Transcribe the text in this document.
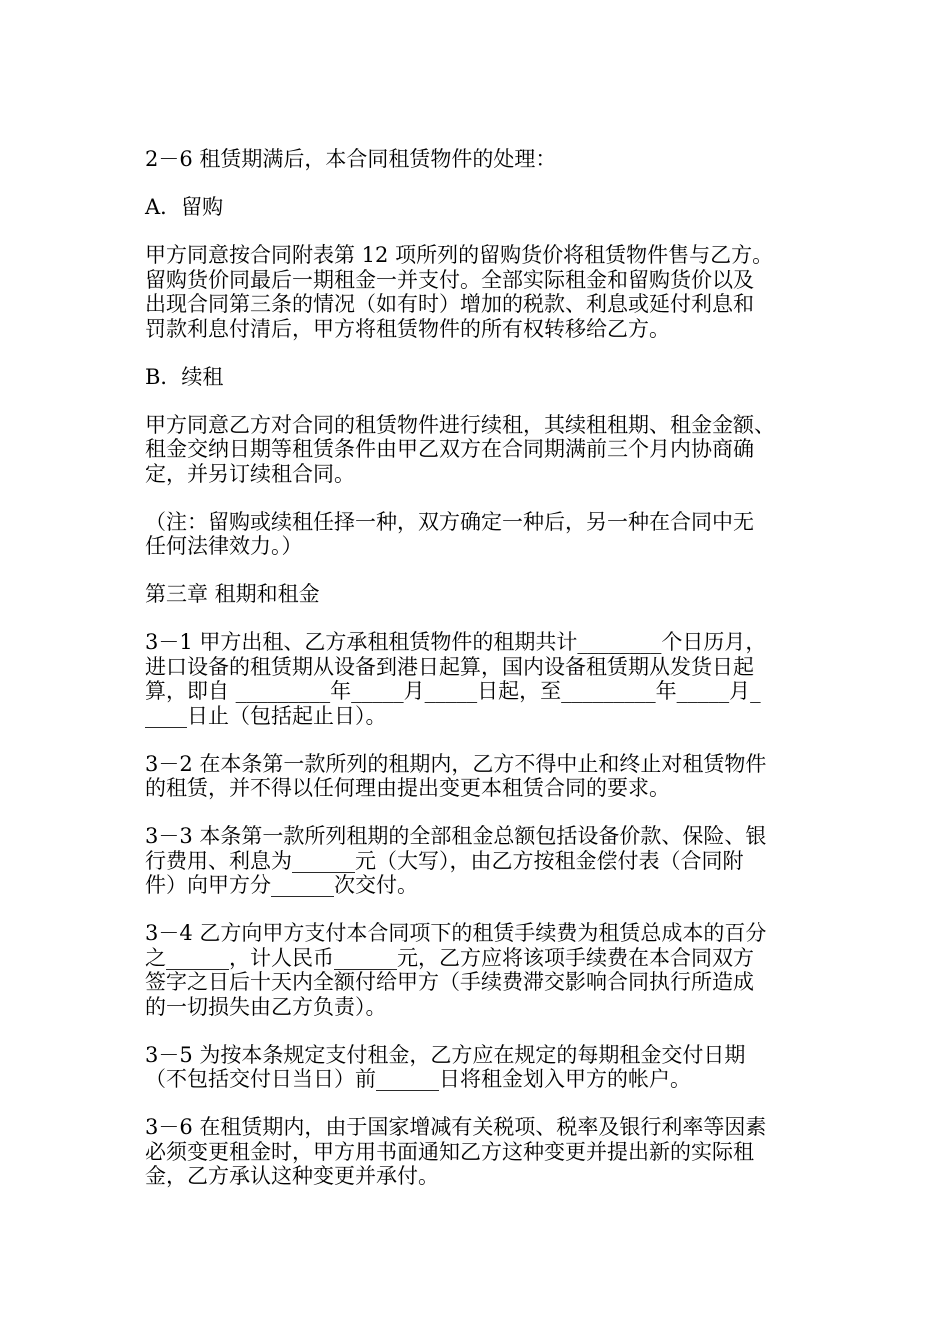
2－6 租赁期满后，本合同租赁物件的处理：
A．留购
甲方同意按合同附表第 12 项所列的留购货价将租赁物件售与乙方。
留购货价同最后一期租金一并支付。全部实际租金和留购货价以及
出现合同第三条的情况（如有时）增加的税款、利息或延付利息和
罚款利息付清后，甲方将租赁物件的所有权转移给乙方。
B．续租
甲方同意乙方对合同的租赁物件进行续租，其续租租期、租金金额、
租金交纳日期等租赁条件由甲乙双方在合同期满前三个月内协商确
定，并另订续租合同。
（注：留购或续租任择一种，双方确定一种后，另一种在合同中无
任何法律效力。）
第三章 租期和租金
3－1 甲方出租、乙方承租租赁物件的租期共计________个日历月，
进口设备的租赁期从设备到港日起算，国内设备租赁期从发货日起
算，即自 _________年_____月_____日起，至_________年_____月_
____日止（包括起止日）。
3－2 在本条第一款所列的租期内，乙方不得中止和终止对租赁物件
的租赁，并不得以任何理由提出变更本租赁合同的要求。
3－3 本条第一款所列租期的全部租金总额包括设备价款、保险、银
行费用、利息为______元（大写），由乙方按租金偿付表（合同附
件）向甲方分______次交付。
3－4 乙方向甲方支付本合同项下的租赁手续费为租赁总成本的百分
之______，计人民币______元，乙方应将该项手续费在本合同双方
签字之日后十天内全额付给甲方（手续费滞交影响合同执行所造成
的一切损失由乙方负责）。
3－5 为按本条规定支付租金，乙方应在规定的每期租金交付日期
（不包括交付日当日）前______日将租金划入甲方的帐户。
3－6 在租赁期内，由于国家增减有关税项、税率及银行利率等因素
必须变更租金时，甲方用书面通知乙方这种变更并提出新的实际租
金，乙方承认这种变更并承付。
